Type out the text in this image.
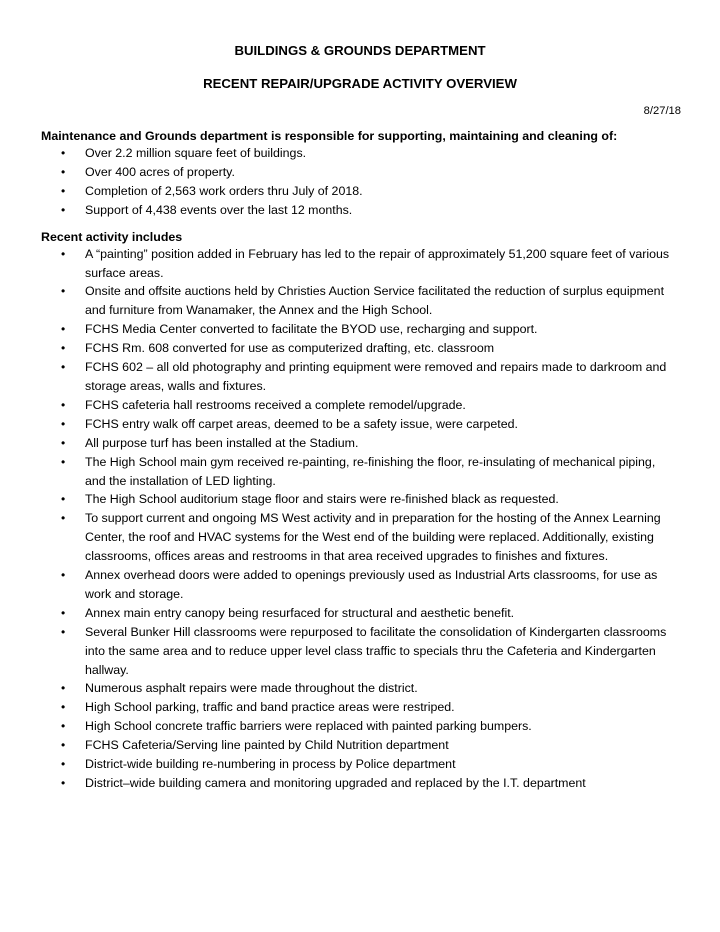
BUILDINGS & GROUNDS DEPARTMENT
RECENT REPAIR/UPGRADE ACTIVITY OVERVIEW
8/27/18
Maintenance and Grounds department is responsible for supporting, maintaining and cleaning of:
• Over 2.2 million square feet of buildings.
• Over 400 acres of property.
• Completion of 2,563 work orders thru July of 2018.
• Support of 4,438 events over the last 12 months.
Recent activity includes
• A “painting” position added in February has led to the repair of approximately 51,200 square feet of various surface areas.
• Onsite and offsite auctions held by Christies Auction Service facilitated the reduction of surplus equipment and furniture from Wanamaker, the Annex and the High School.
• FCHS Media Center converted to facilitate the BYOD use, recharging and support.
• FCHS Rm. 608 converted for use as computerized drafting, etc. classroom
• FCHS 602 – all old photography and printing equipment were removed and repairs made to darkroom and storage areas, walls and fixtures.
• FCHS cafeteria hall restrooms received a complete remodel/upgrade.
• FCHS entry walk off carpet areas, deemed to be a safety issue, were carpeted.
• All purpose turf has been installed at the Stadium.
• The High School main gym received re-painting, re-finishing the floor, re-insulating of mechanical piping, and the installation of LED lighting.
• The High School auditorium stage floor and stairs were re-finished black as requested.
• To support current and ongoing MS West activity and in preparation for the hosting of the Annex Learning Center, the roof and HVAC systems for the West end of the building were replaced. Additionally, existing classrooms, offices areas and restrooms in that area received upgrades to finishes and fixtures.
• Annex overhead doors were added to openings previously used as Industrial Arts classrooms, for use as work and storage.
• Annex main entry canopy being resurfaced for structural and aesthetic benefit.
• Several Bunker Hill classrooms were repurposed to facilitate the consolidation of Kindergarten classrooms into the same area and to reduce upper level class traffic to specials thru the Cafeteria and Kindergarten hallway.
• Numerous asphalt repairs were made throughout the district.
• High School parking, traffic and band practice areas were restriped.
• High School concrete traffic barriers were replaced with painted parking bumpers.
• FCHS Cafeteria/Serving line painted by Child Nutrition department
• District-wide building re-numbering in process by Police department
• District–wide building camera and monitoring upgraded and replaced by the I.T. department
